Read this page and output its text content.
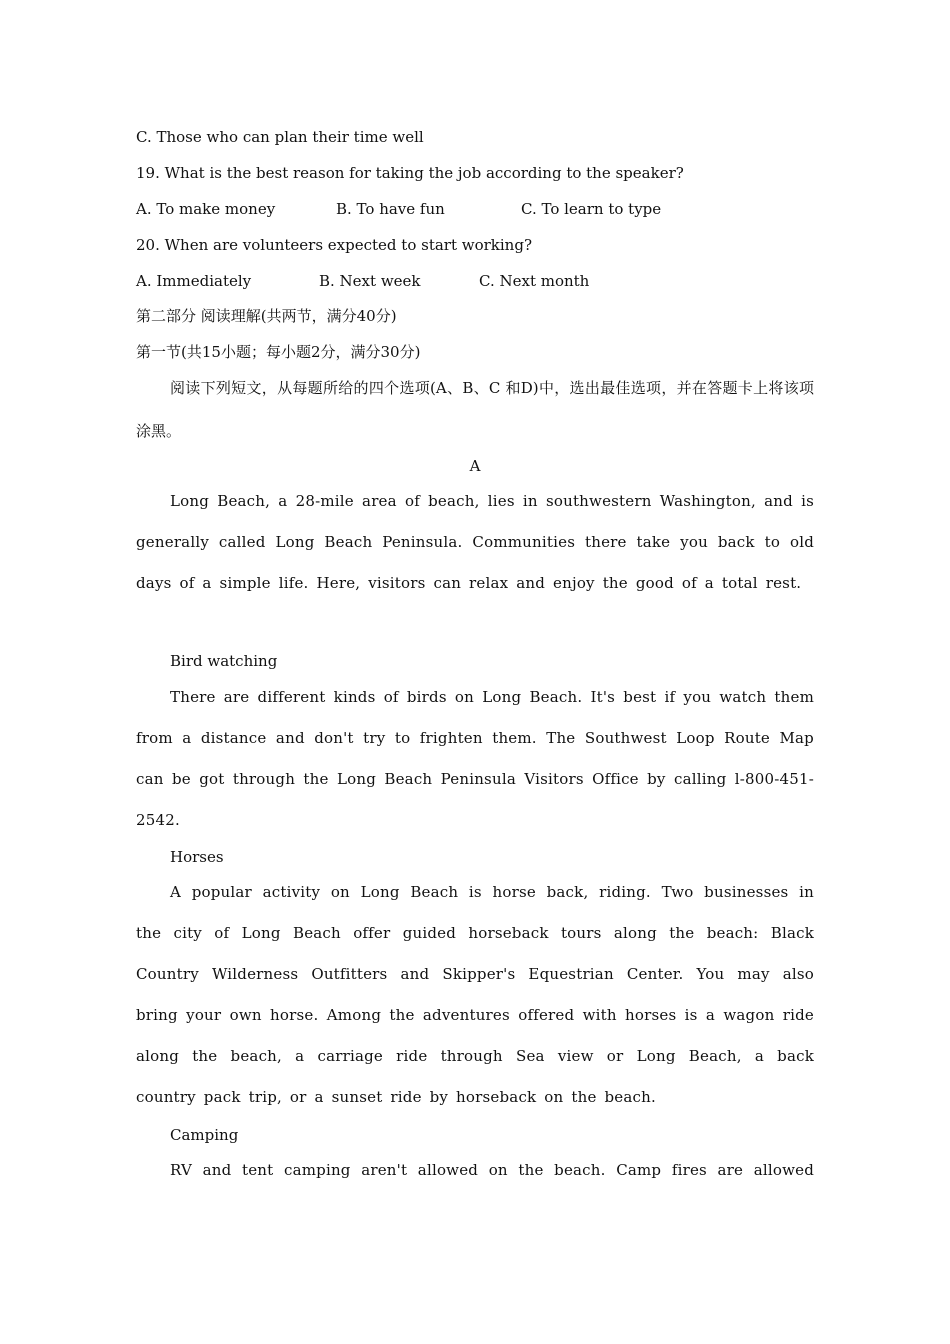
C. Those who can plan their time well
19. What is the best reason for taking the job according to the speaker?
A. To make money	B. To have fun	C. To learn to type
20. When are volunteers expected to start working?
A. Immediately	B. Next week	C. Next month
第二部分 阅读理解(共两节，满分40分)
第一节(共15小题；每小题2分，满分30分)
阅读下列短文，从每题所给的四个选项(A、B、C 和D)中，选出最佳选项，并在答题卡上将该项涂黑。
A
Long Beach, a 28-mile area of beach, lies in southwestern Washington, and is generally called Long Beach Peninsula. Communities there take you back to old days of a simple life. Here, visitors can relax and enjoy the good of a total rest.
Bird watching
There are different kinds of birds on Long Beach. It's best if you watch them from a distance and don't try to frighten them. The Southwest Loop Route Map can be got through the Long Beach Peninsula Visitors Office by calling l-800-451-2542.
Horses
A popular activity on Long Beach is horse back, riding. Two businesses in the city of Long Beach offer guided horseback tours along the beach: Black Country Wilderness Outfitters and Skipper's Equestrian Center. You may also bring your own horse. Among the adventures offered with horses is a wagon ride along the beach, a carriage ride through Sea view or Long Beach, a back country pack trip, or a sunset ride by horseback on the beach.
Camping
RV and tent camping aren't allowed on the beach. Camp fires are allowed
